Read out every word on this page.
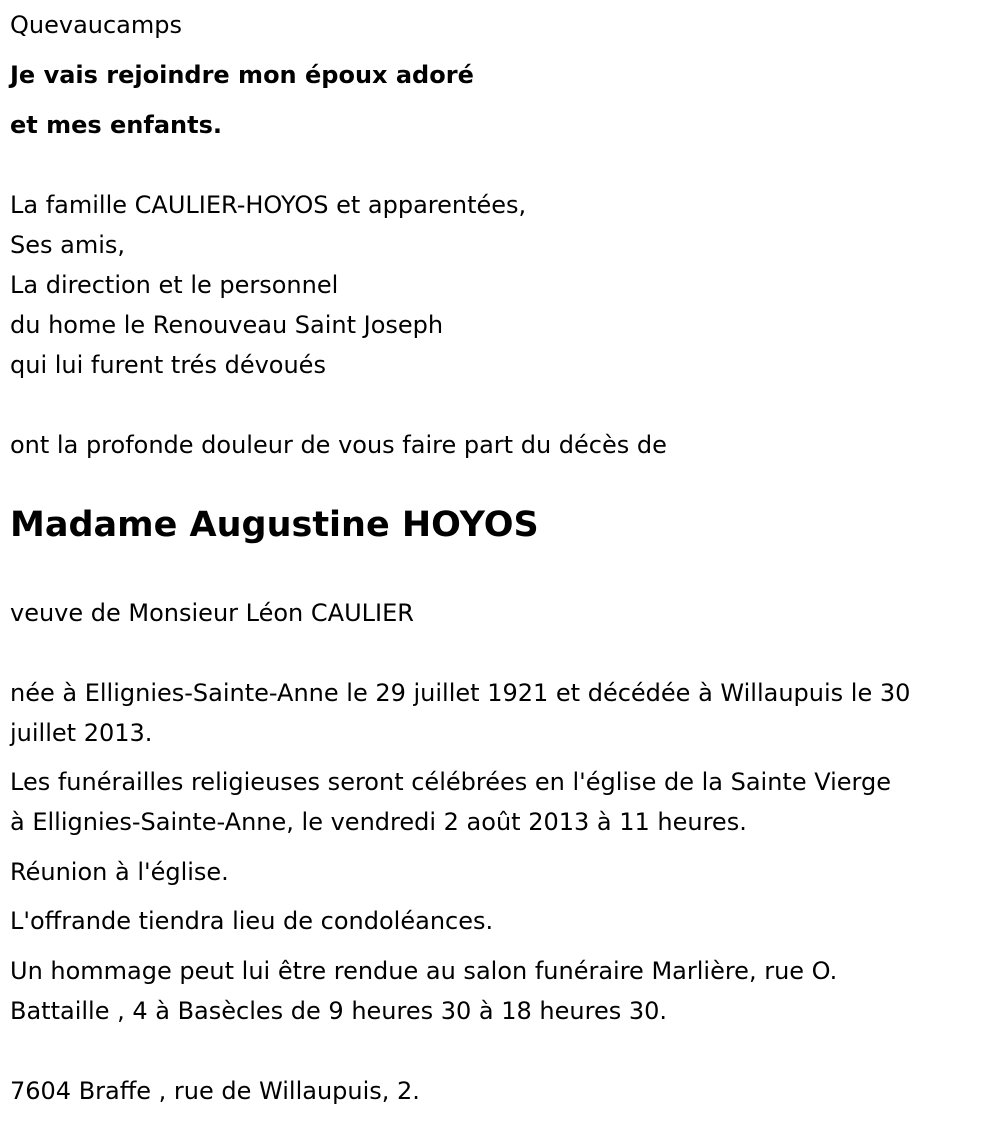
Quevaucamps
Je vais rejoindre mon époux adoré
et mes enfants.
La famille CAULIER-HOYOS et apparentées,
Ses amis,
La direction et le personnel
du home le Renouveau Saint Joseph
qui lui furent trés dévoués
ont la profonde douleur de vous faire part du décès de
Madame Augustine HOYOS
veuve de Monsieur Léon CAULIER
née à Ellignies-Sainte-Anne le 29 juillet 1921 et décédée à Willaupuis le 30
juillet 2013.
Les funérailles religieuses seront célébrées en l'église de la Sainte Vierge
à Ellignies-Sainte-Anne, le vendredi 2 août 2013 à 11 heures.
Réunion à l'église.
L'offrande tiendra lieu de condoléances.
Un hommage peut lui être rendue au salon funéraire Marlière, rue O.
Battaille , 4 à Basècles de 9 heures 30 à 18 heures 30.
7604 Braffe , rue de Willaupuis, 2.
